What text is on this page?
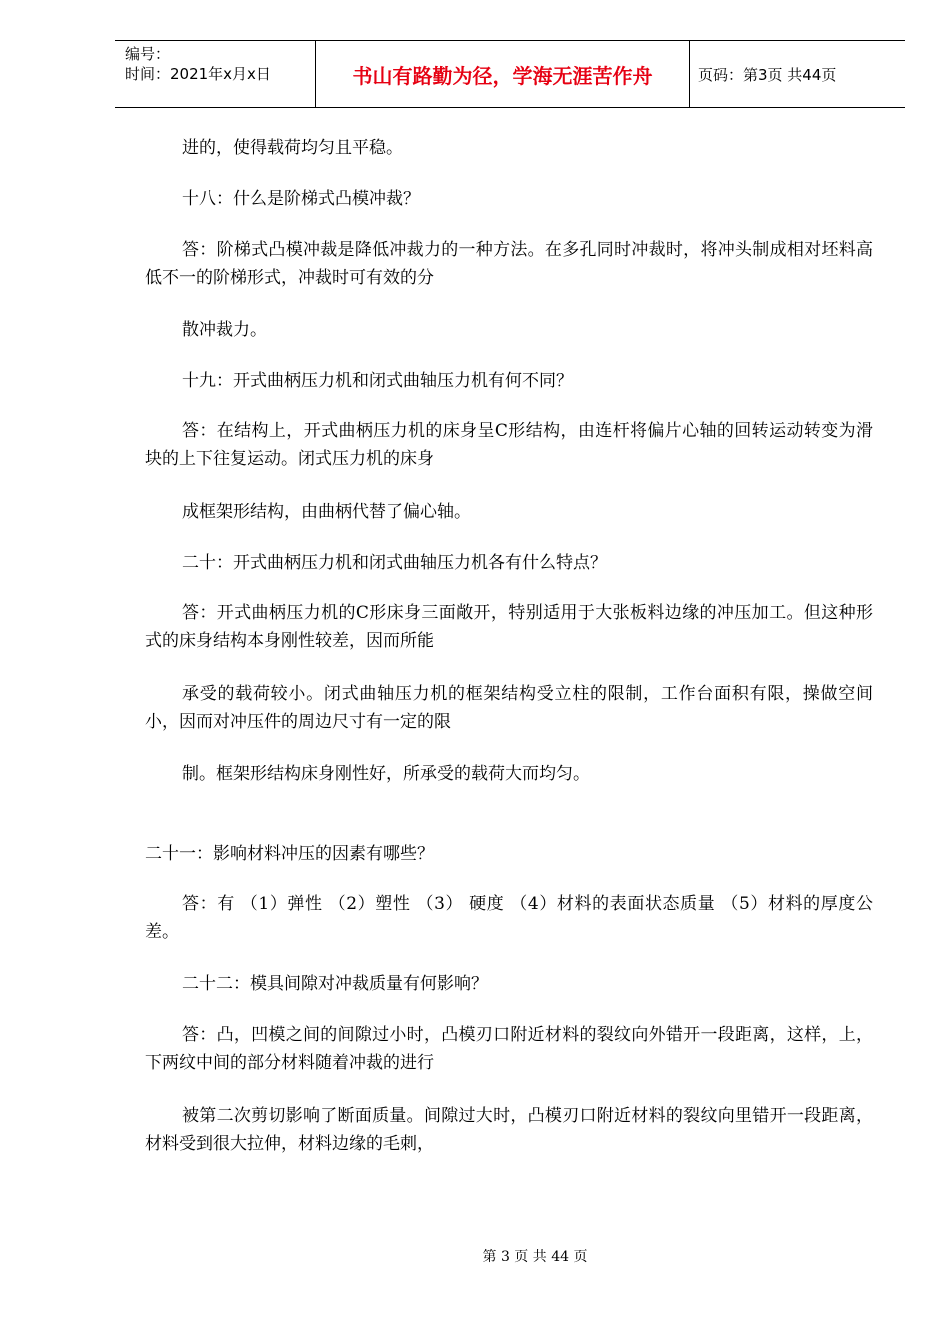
编号：
时间：2021年x月x日	书山有路勤为径，学海无涯苦作舟	页码：第3页 共44页
进的，使得载荷均匀且平稳。
十八：什么是阶梯式凸模冲裁？
答：阶梯式凸模冲裁是降低冲裁力的一种方法。在多孔同时冲裁时，将冲头制成相对坯料高低不一的阶梯形式，冲裁时可有效的分
散冲裁力。
十九：开式曲柄压力机和闭式曲轴压力机有何不同？
答：在结构上，开式曲柄压力机的床身呈C形结构，由连杆将偏片心轴的回转运动转变为滑块的上下往复运动。闭式压力机的床身
成框架形结构，由曲柄代替了偏心轴。
二十：开式曲柄压力机和闭式曲轴压力机各有什么特点？
答：开式曲柄压力机的C形床身三面敞开，特别适用于大张板料边缘的冲压加工。但这种形式的床身结构本身刚性较差，因而所能
承受的载荷较小。闭式曲轴压力机的框架结构受立柱的限制，工作台面积有限，操做空间小，因而对冲压件的周边尺寸有一定的限
制。框架形结构床身刚性好，所承受的载荷大而均匀。
二十一：影响材料冲压的因素有哪些？
答：有 （1）弹性 （2）塑性 （3） 硬度 （4）材料的表面状态质量 （5）材料的厚度公差。
二十二：模具间隙对冲裁质量有何影响？
答：凸，凹模之间的间隙过小时，凸模刃口附近材料的裂纹向外错开一段距离，这样，上，下两纹中间的部分材料随着冲裁的进行
被第二次剪切影响了断面质量。间隙过大时，凸模刃口附近材料的裂纹向里错开一段距离，材料受到很大拉伸，材料边缘的毛刺，
第 3 页 共 44 页
